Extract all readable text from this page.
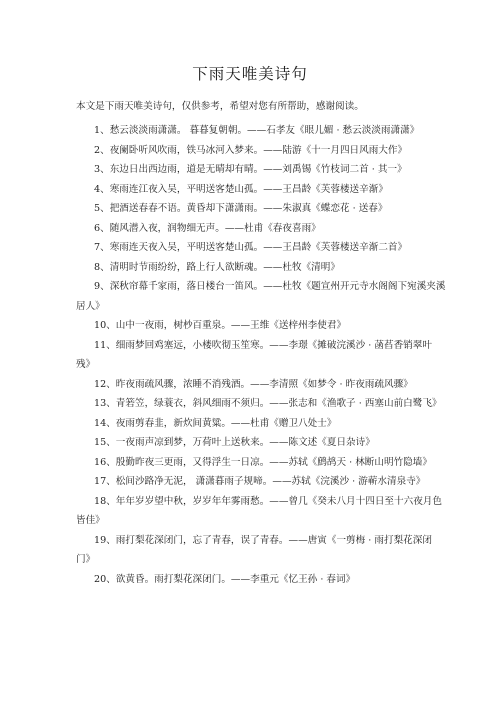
下雨天唯美诗句
本文是下雨天唯美诗句，仅供参考，希望对您有所帮助，感谢阅读。
1、愁云淡淡雨潇潇。 暮暮复朝朝。——石孝友《眼儿媚 · 愁云淡淡雨潇潇》
2、夜阑卧听风吹雨，铁马冰河入梦来。——陆游《十一月四日风雨大作》
3、东边日出西边雨，道是无晴却有晴。——刘禹锡《竹枝词二首 · 其一》
4、寒雨连江夜入吴，平明送客楚山孤。——王昌龄《芙蓉楼送辛渐》
5、把酒送春春不语。黄昏却下潇潇雨。——朱淑真《蝶恋花 · 送春》
6、随风潜入夜，润物细无声。——杜甫《春夜喜雨》
7、寒雨连天夜入吴，平明送客楚山孤。——王昌龄《芙蓉楼送辛渐二首》
8、清明时节雨纷纷，路上行人欲断魂。——杜牧《清明》
9、深秋帘幕千家雨，落日楼台一笛风。——杜牧《题宣州开元寺水阁阁下宛溪夹溪居人》
10、山中一夜雨，树杪百重泉。——王维《送梓州李使君》
11、细雨梦回鸡塞远，小楼吹彻玉笙寒。——李璟《摊破浣溪沙 · 菡萏香销翠叶残》
12、昨夜雨疏风骤，浓睡不消残酒。——李清照《如梦令 · 昨夜雨疏风骤》
13、青箬笠，绿蓑衣，斜风细雨不须归。——张志和《渔歌子 · 西塞山前白鹭飞》
14、夜雨剪春韭，新炊间黄粱。——杜甫《赠卫八处士》
15、一夜雨声凉到梦，万荷叶上送秋来。——陈文述《夏日杂诗》
16、殷勤昨夜三更雨，又得浮生一日凉。——苏轼《鹧鸪天 · 林断山明竹隐墙》
17、松间沙路净无泥， 潇潇暮雨子规啼。——苏轼《浣溪沙 · 游蕲水清泉寺》
18、年年岁岁望中秋，岁岁年年雾雨愁。——曾几《癸未八月十四日至十六夜月色皆佳》
19、雨打梨花深闭门，忘了青春，误了青春。——唐寅《一剪梅 · 雨打梨花深闭门》
20、欲黄昏。雨打梨花深闭门。——李重元《忆王孙 · 春词》
